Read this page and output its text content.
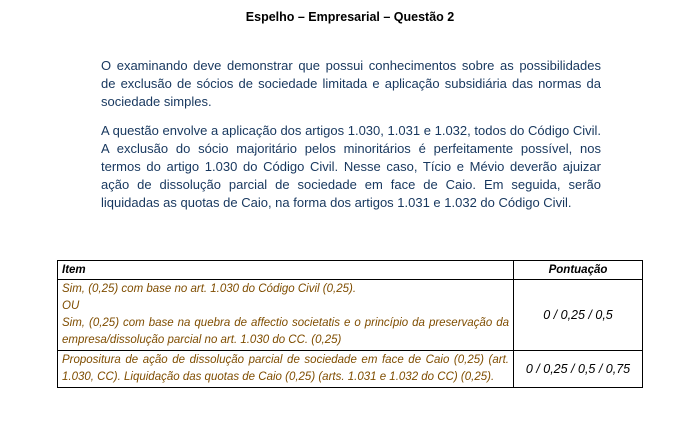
Espelho – Empresarial – Questão 2
O examinando deve demonstrar que possui conhecimentos sobre as possibilidades de exclusão de sócios de sociedade limitada e aplicação subsidiária das normas da sociedade simples.
A questão envolve a aplicação dos artigos 1.030, 1.031 e 1.032, todos do Código Civil. A exclusão do sócio majoritário pelos minoritários é perfeitamente possível, nos termos do artigo 1.030 do Código Civil. Nesse caso, Tício e Mévio deverão ajuizar ação de dissolução parcial de sociedade em face de Caio. Em seguida, serão liquidadas as quotas de Caio, na forma dos artigos 1.031 e 1.032 do Código Civil.
Item	Pontuação

Sim, (0,25) com base no art. 1.030 do Código Civil (0,25).
OU
Sim, (0,25) com base na quebra de affectio societatis e o princípio da preservação da empresa/dissolução parcial no art. 1.030 do CC. (0,25)	0 / 0,25 / 0,5

Propositura de ação de dissolução parcial de sociedade em face de Caio (0,25) (art. 1.030, CC). Liquidação das quotas de Caio (0,25) (arts. 1.031 e 1.032 do CC) (0,25).	0 / 0,25 / 0,5 / 0,75
